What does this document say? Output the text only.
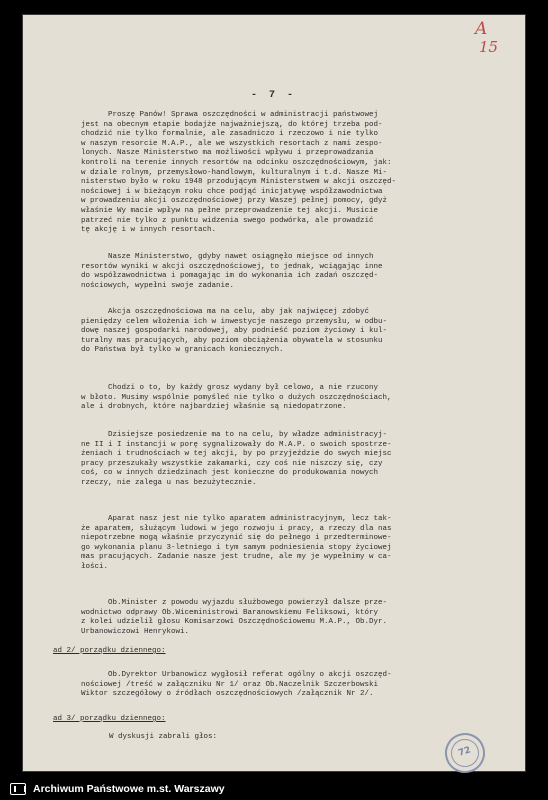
A
15
- 7 -
Proszę Panów! Sprawa oszczędności w administracji państwowej
jest na obecnym etapie bodajże najważniejszą, do której trzeba pod-
chodzić nie tylko formalnie, ale zasadniczo i rzeczowo i nie tylko
w naszym resorcie M.A.P., ale we wszystkich resortach z nami zespo-
lonych. Nasze Ministerstwo ma możliwości wpływu i przeprowadzania
kontroli na terenie innych resortów na odcinku oszczędnościowym, jak:
w dziale rolnym, przemysłowo-handlowym, kulturalnym i t.d. Nasze Mi-
nisterstwo było w roku 1948 przodującym Ministerstwem w akcji oszczęd-
nościowej i w bieżącym roku chce podjąć inicjatywę współzawodnictwa
w prowadzeniu akcji oszczędnościowej przy Waszej pełnej pomocy, gdyż
właśnie Wy macie wpływ na pełne przeprowadzenie tej akcji. Musicie
patrzeć nie tylko z punktu widzenia swego podwórka, ale prowadzić
tę akcję i w innych resortach.
Nasze Ministerstwo, gdyby nawet osiągnęło miejsce od innych
resortów wyniki w akcji oszczędnościowej, to jednak, wciągając inne
do współzawodnictwa i pomagając im do wykonania ich zadań oszczęd-
nościowych, wypełni swoje zadanie.
Akcja oszczędnościowa ma na celu, aby jak najwięcej zdobyć
pieniędzy celem włożenia ich w inwestycje naszego przemysłu, w odbu-
dowę naszej gospodarki narodowej, aby podnieść poziom życiowy i kul-
turalny mas pracujących, aby poziom obciążenia obywatela w stosunku
do Państwa był tylko w granicach koniecznych.
Chodzi o to, by każdy grosz wydany był celowo, a nie rzucony
w błoto. Musimy wspólnie pomyśleć nie tylko o dużych oszczędnościach,
ale i drobnych, które najbardziej właśnie są niedopatrzone.
Dzisiejsze posiedzenie ma to na celu, by władze administracyj-
ne II i I instancji w porę sygnalizowały do M.A.P. o swoich spostrze-
żeniach i trudnościach w tej akcji, by po przyjeździe do swych miejsc
pracy przeszukały wszystkie zakamarki, czy coś nie niszczy się, czy
coś, co w innych dziedzinach jest konieczne do produkowania nowych
rzeczy, nie zalega u nas bezużytecznie.
Aparat nasz jest nie tylko aparatem administracyjnym, lecz tak-
że aparatem, służącym ludowi w jego rozwoju i pracy, a rzeczy dla nas
niepotrzebne mogą właśnie przyczynić się do pełnego i przedterminowe-
go wykonania planu 3-letniego i tym samym podniesienia stopy życiowej
mas pracujących. Zadanie nasze jest trudne, ale my je wypełnimy w ca-
łości.
Ob.Minister z powodu wyjazdu służbowego powierzył dalsze prze-
wodnictwo odprawy Ob.Wiceministrowi Baranowskiemu Feliksowi, który
z kolei udzielił głosu Komisarzowi Oszczędnościowemu M.A.P., Ob.Dyr.
Urbanowiczowi Henrykowi.
ad 2/ porządku dziennego:
Ob.Dyrektor Urbanowicz wygłosił referat ogólny o akcji oszczęd-
nościowej /treść w załączniku Nr 1/ oraz Ob.Naczelnik Szczerbowski
Wiktor szczegółowy o źródłach oszczędnościowych /załącznik Nr 2/.
ad 3/ porządku dziennego:
W dyskusji zabrali głos:
72
Archiwum Państwowe m.st. Warszawy
